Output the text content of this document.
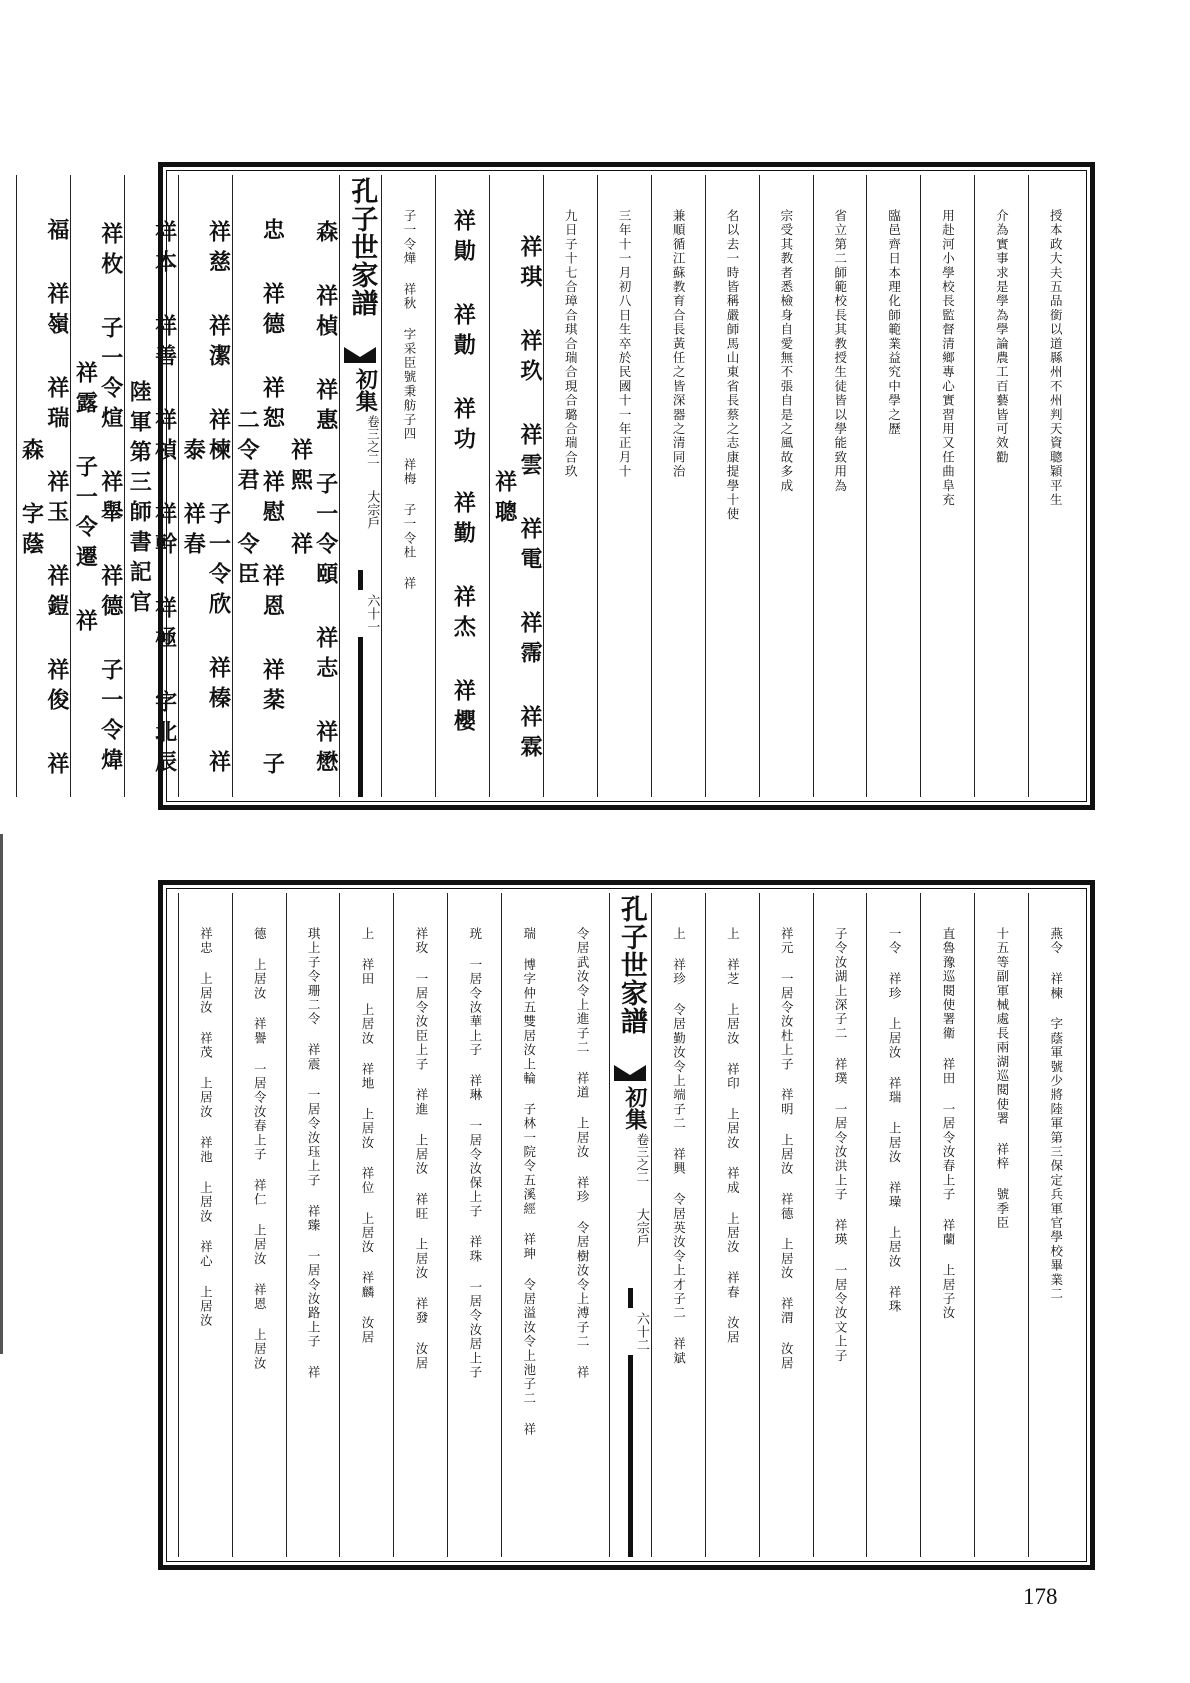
授本政大夫五品銜以道縣州不州判天資聰穎平生
介為實事求是學為學論農工百藝皆可效勸
用赴河小學校長監督清鄉專心實習用又任曲阜充
臨邑齊日本理化師範業益究中學之歷
省立第二師範校長其教授生徒皆以學能致用為
宗受其教者悉檢身自愛無不張自是之風故多成
名以去一時皆稱嚴師馬山東省長蔡之志康提學十使
兼順循江蘇教育合長黃任之皆深器之清同治
三年十一月初八日生卒於民國十一年正月十
九日子十七合璋合琪合瑞合現合璐合瑞合玖
祥琪 祥玖 祥雲 祥電 祥霈 祥霖 祥聰
祥勛 祥勣 祥功 祥勤 祥杰 祥櫻
子一令燁 祥秋 字采臣號秉舫子四 祥梅 子一令杜 祥
孔子世家譜
初集
卷三之二
大宗戶
六十一
森 祥楨 祥惠 子一令頤 祥志 祥懋 祥熙 祥
忠 祥德 祥恕 祥慰 祥恩 祥棻 子二令君 令臣
祥慈 祥潔 祥楝 子一令欣 祥榛 祥泰 祥春
祥本 祥善 祥楨 祥幹 祥極 字北辰陸軍第三師書記官
祥枚 子一令煊 祥舉 祥德 子一令煒 祥露 子一令遷 祥
福 祥嶺 祥瑞 祥玉 祥鎧 祥俊 祥森 字蔭
燕令 祥楝 字蔭軍號少將陸軍第三保定兵軍官學校畢業二
十五等副軍械處長兩湖巡閱使署 祥梓 號季臣
直魯豫巡閱使署衛 祥田 一居令汝春上子 祥蘭 上居子汝
一令 祥珍 上居汝 祥瑞 上居汝 祥璪 上居汝 祥珠
子令汝湖上深子二 祥璞 一居令汝洪上子 祥瑛 一居令汝文上子
祥元 一居令汝杜上子 祥明 上居汝 祥德 上居汝 祥渭 汝居
上 祥芝 上居汝 祥印 上居汝 祥成 上居汝 祥春 汝居
上 祥珍 令居勤汝令上端子二 祥興 令居英汝令上才子二 祥斌
孔子世家譜
初集
卷三之二
大宗戶
六十二
令居武汝令上進子二 祥道 上居汝 祥珍 令居樹汝令上溥子二 祥
瑞 博字仲五雙居汝上輪 子林一院令五溪經 祥珅 令居溢汝令上池子二 祥
珖 一居令汝華上子 祥琳 一居令汝保上子 祥珠 一居令汝居上子
祥玫 一居令汝臣上子 祥進 上居汝 祥旺 上居汝 祥發 汝居
上 祥田 上居汝 祥地 上居汝 祥位 上居汝 祥麟 汝居
琪上子令珊二令 祥震 一居令汝珏上子 祥臻 一居令汝路上子 祥
德 上居汝 祥譽 一居令汝春上子 祥仁 上居汝 祥恩 上居汝
祥忠 上居汝 祥茂 上居汝 祥池 上居汝 祥心 上居汝
178
